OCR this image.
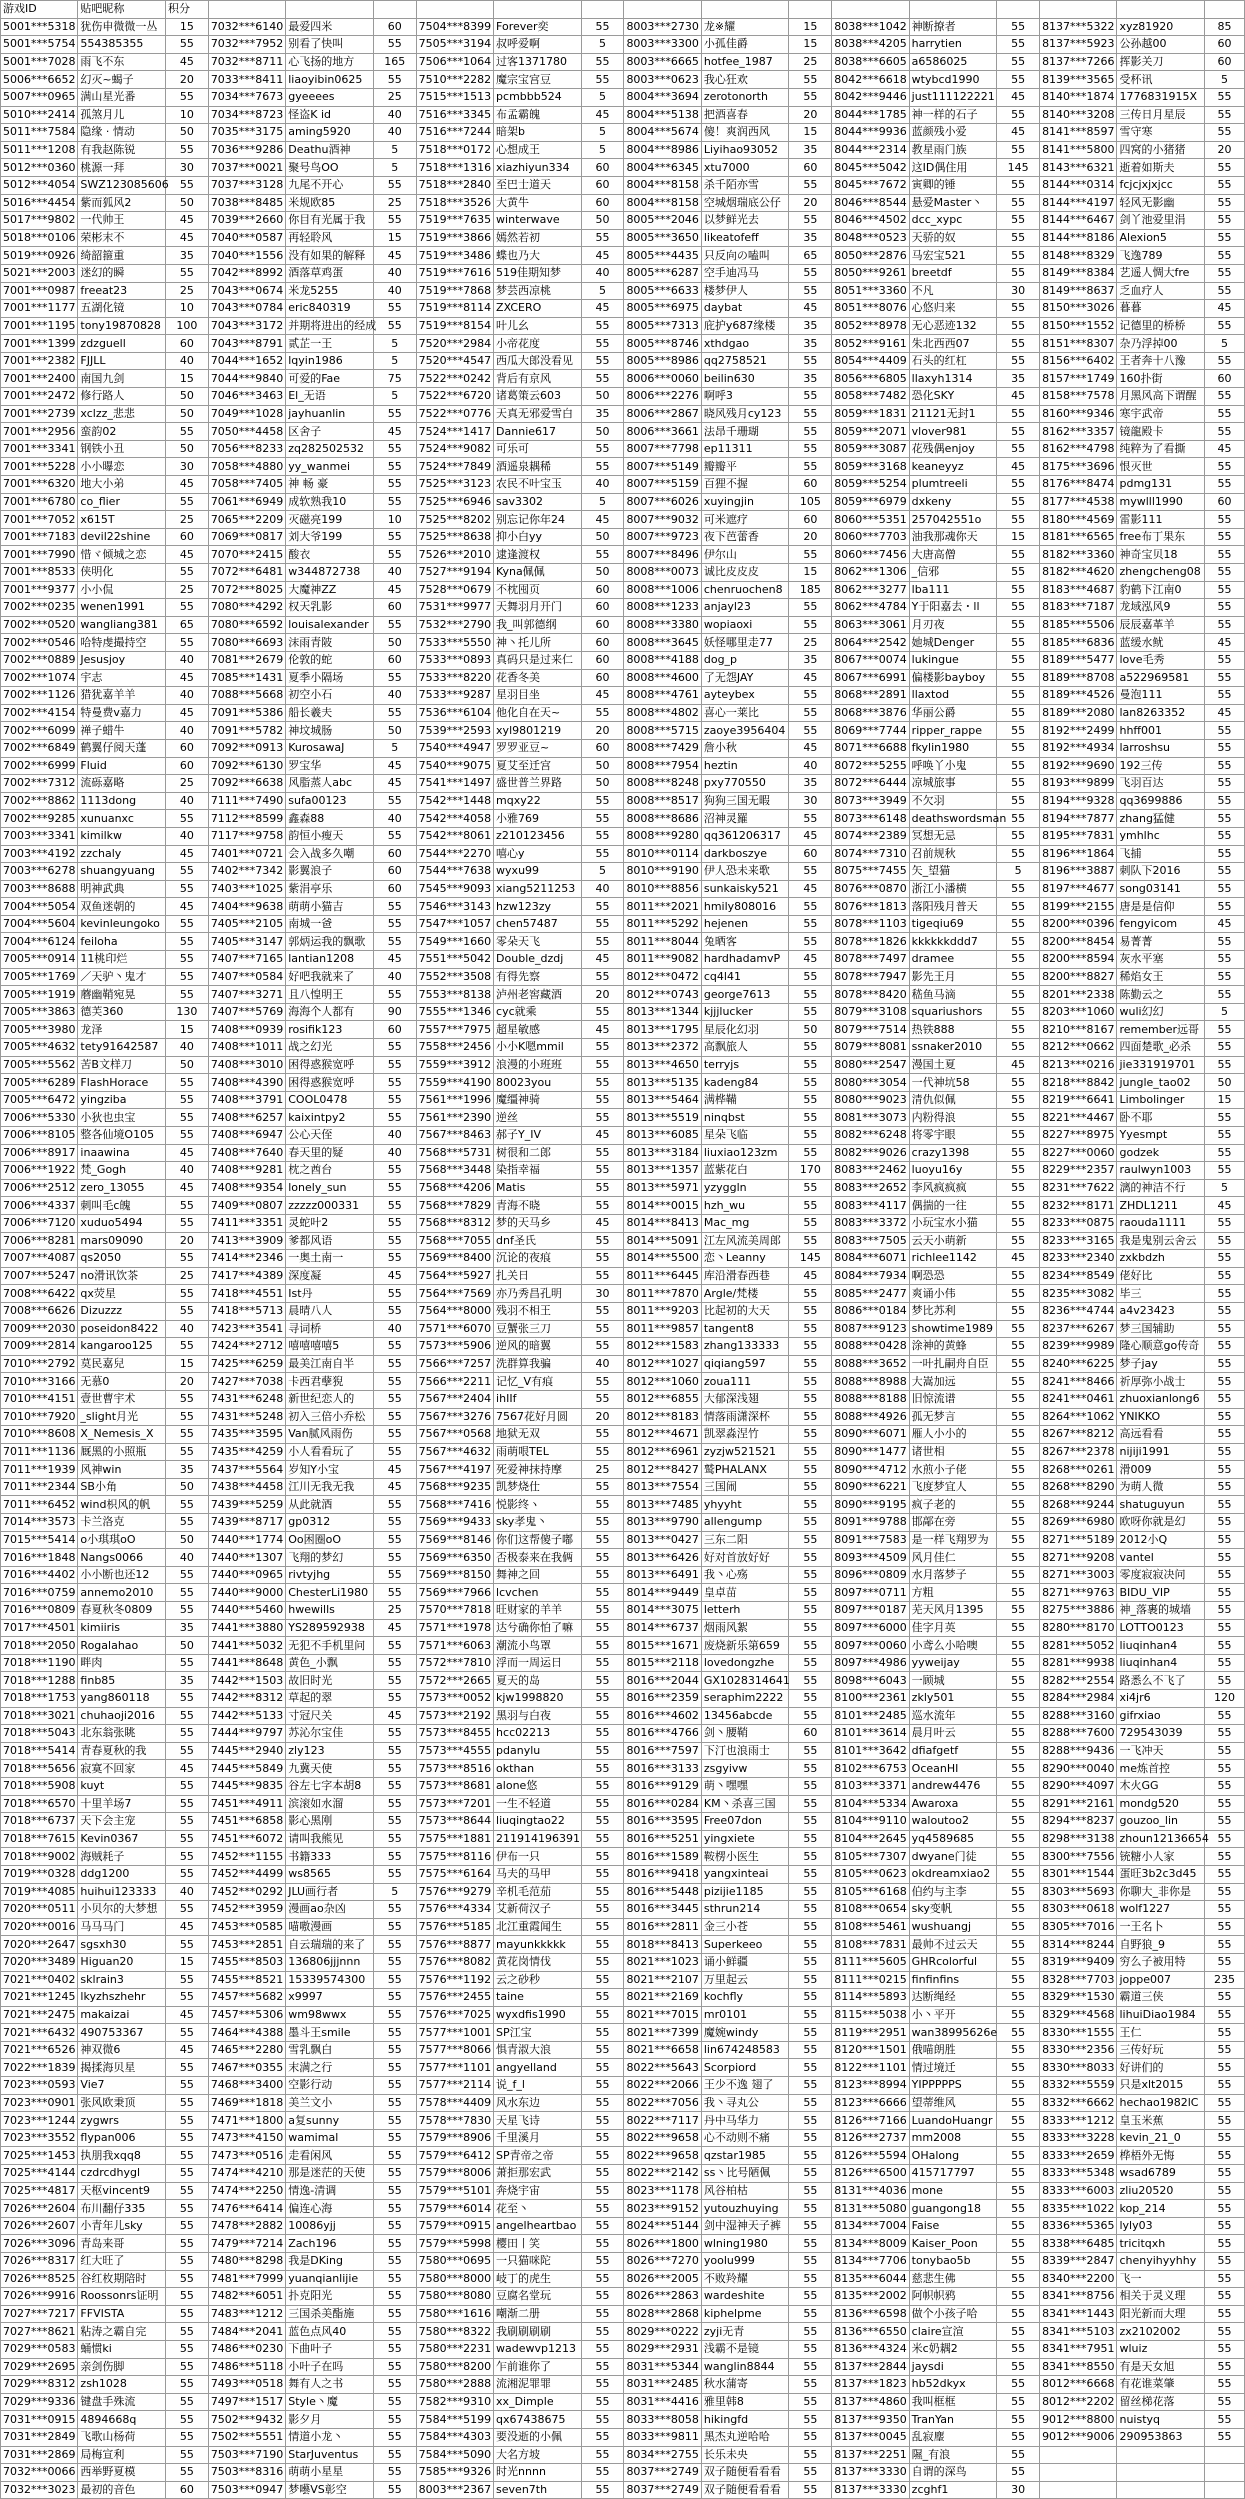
游戏ID	贴吧昵称	积分															
5001***5318	犹伤申微微一丛	15	7032***6140	最爱四米	60	7504***8399	Forever奕	55	8003***2730	龙※耀	15	8038***1042	神断撩者	55	8137***5322	xyz81920	85
5001***5754	554385355	55	7032***7952	别看了快叫	55	7505***3194	叔呼爱啊	5	8003***3300	小孤佳爵	15	8038***4205	harrytien	55	8137***5923	公孙越00	60
5001***7028	雨飞不东	45	7032***8711	心飞扬的地方	165	7506***1064	过客1371780	55	8003***6665	hotfee_1987	25	8038***6605	a6586025	55	8137***7266	挥影关刀	60
5006***6652	幻灭~蝎子	20	7033***8411	liaoyibin0625	55	7510***2282	魔宗宝宫豆	55	8003***0623	我心狂欢	55	8042***6618	wtybcd1990	55	8139***3565	受杯讯	5
5007***0965	满山星光番	55	7034***7673	gyeeees	25	7515***1513	pcmbbb524	5	8004***3694	zerotonorth	55	8042***9446	just111122221	45	8140***1874	1776831915X	55
5010***2414	孤煞月儿	10	7034***8723	怪盗K id	40	7516***3345	布孟霸魄	45	8004***5138	把酒喜春	20	8044***1785	神一样的石子	55	8140***3208	三传日月星辰	55
5011***7584	隐缘 · 情动	50	7035***3175	aming5920	40	7516***7244	暗架b	5	8004***5674	傻！爽润西风	15	8044***9936	蓝颜残小爱	45	8141***8597	雪守寒	55
5011***1208	有我赵陈锐	55	7036***9286	Deathu酒神	5	7518***0172	心想成王	5	8004***8986	Liyihao93052	35	8044***2314	教星雨门族	55	8141***5800	四窝的小猪猪	20
5012***0360	桃源一拜	30	7037***0021	聚号鸟OO	5	7518***1316	xiazhiyun334	60	8004***6345	xtu7000	60	8045***5042	这ID偶住用	145	8143***6321	逝着如斯夫	55
5012***4054	SWZ123085606	55	7037***3128	九尾不开心	55	7518***2840	至巴士道天	60	8004***8158	杀千陌亦雪	55	8045***7672	寅卿的锤	55	8144***0314	fcjcjxjxjcc	55
5016***4454	紫而狐风2	50	7038***8485	米规欧85	25	7518***3526	大黄牛	60	8004***8158	空城烟瑞底公仔	20	8046***8544	悬爱Master丶	55	8144***4197	轻风无影幽	55
5017***9802	一代帅王	45	7039***2660	你目有光属于我	55	7519***7635	winterwave	50	8005***2046	以梦鲜光去	55	8046***4502	dcc_xypc	55	8144***6467	剑丫池爱里涓	55
5018***0106	荣彬末不	45	7040***0587	再轻聆风	15	7519***3866	嫣然若初	55	8005***3650	likeatofeff	35	8048***0523	天骄的奴	55	8144***8186	Alexion5	55
5019***0926	绮韶箍重	35	7040***1556	没有如果的解释	45	7519***3486	蝶也乃大	45	8005***4435	只反向の嗑叫	65	8050***2876	马宏宝521	55	8148***8329	飞逸789	55
5021***2003	迷幻的瞬	55	7042***8992	酒落草鸡蛋	40	7519***7616	519佳期知梦	40	8005***6287	空手迪冯马	55	8050***9261	breetdf	55	8149***8384	艺遥人惆大fre	55
7001***0987	freeat23	25	7043***0674	米龙5255	40	7519***7868	梦芸西凉桃	5	8005***6633	楼梦伊人	55	8051***3360	不凡	30	8149***8637	乏血疗人	55
7001***1177	五湖化镜	10	7043***0784	eric840319	55	7519***8114	ZXCERO	45	8005***6975	daybat	45	8051***8076	心悠归来	55	8150***3026	暮暮	45
7001***1195	tony19870828	100	7043***3172	并期将进出的经成	55	7519***8154	叶儿幺	55	8005***7313	庇护y687缘楼	35	8052***8978	无心恶迹132	55	8150***1552	记德里的桥桥	55
7001***1399	zdzguell	60	7043***8791	贰芷一王	5	7520***2984	小帝花度	55	8005***8746	xthdgao	35	8052***9161	朱北西西07	55	8151***8307	杂乃浮掉00	5
7001***2382	FJJLL	40	7044***1652	lqyin1986	5	7520***4547	西瓜大郎没看见	55	8005***8986	qq2758521	55	8054***4409	石头的红杠	55	8156***6402	王者奔十八豫	55
7001***2400	南国九剑	15	7044***9840	可爱的Fae	75	7522***0242	背后有京风	55	8006***0060	beilin630	35	8056***6805	llaxyh1314	35	8157***1749	160扑街	60
7001***2472	修行路人	50	7046***3463	El_无语	5	7522***6720	诸葛策云603	50	8006***2276	啊呼3	55	8058***7482	恐化SKY	45	8158***7578	月黑风高下谓醒	55
7001***2739	xclzz_悲悲	50	7049***1028	jayhuanlin	55	7522***0776	天真无邪爱雪白	35	8006***2867	晓风残月cy123	55	8059***1831	21121无封1	55	8160***9346	寒宇武帝	55
7001***2956	蛮韵02	55	7050***4458	区舍子	45	7524***1417	Dannie617	50	8006***3661	法昂千珊瑚	55	8059***2071	vlover981	55	8162***3357	镜龍殿卡	55
7001***3341	钢铁小丑	50	7056***8233	zq282502532	55	7524***9082	可乐可	55	8007***7798	ep11311	55	8059***3087	花残偶enjoy	55	8162***4798	纯粹为了看撕	45
7001***5228	小小曝恋	30	7058***4880	yy_wanmei	55	7524***7849	酒遥泉耦稀	55	8007***5149	瓣瓣平	55	8059***3168	keaneyyz	45	8175***3696	恨灭世	55
7001***6320	地大小弟	45	7058***7405	神 畅 豪	55	7525***3123	农民不叶宝玉	40	8007***5159	百狸不握	60	8059***5254	plumtreeli	55	8176***8474	pdmg131	55
7001***6780	co_flier	55	7061***6949	成软熟我10	55	7525***6946	sav3302	5	8007***6026	xuyingjin	105	8059***6979	dxkeny	55	8177***4538	mywlll1990	60
7001***7052	x615T	25	7065***2209	灭磁亮199	10	7525***8202	别忘记你年24	45	8007***9032	可米遮疗	60	8060***5351	257042551o	55	8180***4569	雷影111	55
7001***7183	devil22shine	60	7069***0817	刘大爷199	55	7525***8638	抑小白yy	50	8007***9723	夜下芭蕾香	20	8060***7703	油我那魂你天	15	8181***6565	free布丁果东	55
7001***7990	惜ヾ倾城之恋	45	7070***2415	酸衣	55	7526***2010	逮逢渡权	55	8007***8496	伊尔山	55	8060***7456	大唐高僧	55	8182***3360	神奇宝贝18	55
7001***8533	侠明化	55	7072***6481	w344872738	40	7527***9194	Kyna佩佩	50	8008***0073	诚比皮皮皮	15	8062***1306	_信邪	55	8182***4620	zhengcheng08	55
7001***9377	小小侃	25	7072***8025	大魔神ZZ	45	7528***0679	不枕囤页	60	8008***1006	chenruochen8	185	8062***3277	lba111	55	8183***4687	豹鹤下江南0	55
7002***0235	wenen1991	55	7080***4292	权天乳影	60	7531***9977	天舞羽月开门	60	8008***1233	anjayl23	55	8062***4784	Y于阳嘉去・ll	55	8183***7187	龙域泓风9	55
7002***0520	wangliang381	65	7080***6592	louisalexander	55	7532***2790	我_叫郭德纲	60	8008***3380	wopiaoxi	55	8063***3061	月刃夜	55	8185***5506	辰辰嘉革羊	55
7002***0546	哈特虔撮持空	55	7080***6693	沫雨青陂	50	7533***5550	神丶托儿所	60	8008***3645	妖怪哪里走77	25	8064***2542	她城Denger	55	8185***6836	蓝缓水鱿	45
7002***0889	Jesusjoy	40	7081***2679	伦敦的蛇	60	7533***0893	真码只是过来仁	60	8008***4188	dog_p	35	8067***0074	lukingue	55	8189***5477	love毛秀	55
7002***1074	宇志	45	7085***1431	夏季小隔场	55	7533***8220	花香冬美	60	8008***4600	了无怨JAY	45	8067***6991	偏楼影bayboy	55	8189***8708	a522969581	55
7002***1126	猎犹嘉羊羊	40	7088***5668	初空小石	40	7533***9287	星羽目坐	45	8008***4761	ayteybex	55	8068***2891	llaxtod	55	8189***4526	曼泡111	55
7002***4154	特曼费v嘉力	45	7091***5386	船长羲夫	55	7536***6104	他化自在天~	55	8008***4802	喜心一莱比	55	8068***3876	华丽公爵	55	8189***2080	lan8263352	45
7002***6099	禅子蜡牛	40	7091***5782	神坟城肠	50	7539***2593	xyl9801219	20	8008***5715	zaoye3956404	55	8069***7744	ripper_rappe	55	8192***2499	hhff001	55
7002***6849	鹤翼仔阅天蓬	60	7092***0913	KurosawaJ	5	7540***4947	罗罗亚豆~	60	8008***7429	詹小秋	45	8071***6688	fkylin1980	55	8192***4934	larroshsu	55
7002***6999	Fluid	60	7092***6130	罗宝华	45	7540***9075	夏艾至迁宫	50	8008***7954	heztin	40	8072***5255	呼唤丫小鬼	55	8192***9690	192三传	55
7002***7312	流砾嘉略	25	7092***6638	风脂蒸人abc	45	7541***1497	盛世普兰界路	50	8008***8248	pxy770550	35	8072***6444	凉城旅事	55	8193***9899	飞羽百达	55
7002***8862	1113dong	40	7111***7490	sufa00123	55	7542***1448	mqxy22	55	8008***8517	狗狗三国无暇	30	8073***3949	不欠羽	55	8194***9328	qq3699886	55
7002***9285	xunuanxc	55	7112***8599	鑫森88	40	7542***4058	小雅769	55	8008***8686	沼神灵羅	55	8073***6148	deathswordsman	55	8194***7877	zhang猛健	55
7003***3341	kimilkw	40	7117***9758	韵恒小瘦天	55	7542***8061	z210123456	55	8008***9280	qq361206317	45	8074***2389	冥想无忌	55	8195***7831	ymhlhc	55
7003***4192	zzchaly	45	7401***0721	会入战多久嘲	60	7544***2270	嘻心y	55	8010***0114	darkboszye	60	8074***7310	召前规秋	55	8196***1864	飞捕	55
7003***6278	shuangyuang	55	7402***7342	影翼浪子	60	7544***7638	wyxu99	5	8010***9190	伊人恐未来歌	55	8075***7455	矢_望猫	5	8196***3887	刺队下2016	55
7003***8688	明神武典	55	7403***1025	紫涓亭乐	60	7545***9093	xiang5211253	40	8010***8856	sunkaisky521	45	8076***0870	浙江小潘横	55	8197***4677	song03141	55
7004***5054	双鱼迷朝的	45	7404***9638	萌萌小猫吉	55	7546***3143	hzw123zy	55	8011***2021	hmily808016	55	8076***1813	落阳残月普天	55	8199***2155	唐是是信仰	55
7004***5604	kevinleungoko	55	7405***2105	南城一爸	55	7547***1057	chen57487	55	8011***5292	hejenen	55	8078***1103	tigeqiu69	55	8200***0396	fengyicom	45
7004***6124	feiloha	55	7405***3147	郭炳运我的飘歌	55	7549***1660	零朵天飞	55	8011***8044	兔晒客	55	8078***1826	kkkkkkddd7	55	8200***8454	易菁菁	55
7005***0914	11桃印烂	55	7407***7165	lantian1208	45	7551***5042	Double_dzdj	45	8011***9082	hardhadamvP	45	8078***7497	dramee	55	8200***8594	灰水平塞	55
7005***1769	／天驴丶鬼才	55	7407***0584	好吧我就来了	40	7552***3508	有得先察	55	8012***0472	cq4l41	55	8078***7947	影先王月	55	8200***8827	稀焰女王	55
7005***1919	蘑幽鞘宛晃	55	7407***3271	且八惶明王	55	7553***8138	泸州老窖藏酒	20	8012***0743	george7613	55	8078***8420	嵇鱼马滴	55	8201***2338	陈勤云之	55
7005***3863	德芙360	130	7407***5769	海海个人都有	90	7555***1346	cyc就乘	55	8013***1344	kjjjlucker	55	8079***3108	squariushors	55	8203***1060	wuli幻幻	5
7005***3980	龙泽	15	7408***0939	rosifik123	60	7557***7975	超星敏感	45	8013***1795	星辰化幻羽	50	8079***7514	热铁888	55	8210***8167	remember远哥	55
7005***4632	tety91642587	40	7408***1011	战之幻光	55	7558***2456	小小K嗯mmil	55	8013***2372	高飘旅人	55	8079***8081	ssnaker2010	55	8212***0662	四面楚歌_必杀	55
7005***5562	苦B文样刀	50	7408***3010	困得惑猴宽呼	55	7559***3912	浪漫的小班班	55	8013***4650	terryjs	55	8080***2547	漫国土夏	45	8213***0216	jie331919701	55
7005***6289	FlashHorace	55	7408***4390	困得惑猴宽呼	55	7559***4190	80023you	55	8013***5135	kadeng84	55	8080***3054	一代神坑58	55	8218***8842	jungle_tao02	50
7005***6472	yingziba	55	7408***3791	COOL0478	55	7561***1996	魔缰神骑	55	8013***5464	满桦鞴	55	8080***9023	清仇似佩	55	8219***6641	Limbolinger	15
7006***5330	小狄也虫宝	55	7408***6257	kaixintpy2	55	7561***2390	逆丝	55	8013***5519	ninqbst	55	8081***3073	内粉得浪	55	8221***4467	卧不耶	55
7006***8105	整各仙境O105	55	7408***6947	公心天侄	40	7567***8463	郝子Y_IV	45	8013***6085	星朵飞临	55	8082***6248	将零宇眼	55	8227***8975	Yyesmpt	55
7006***8917	inaawina	45	7408***7640	春天里的疑	40	7568***5731	树很和二郎	55	8013***3184	liuxiao123zm	55	8082***9026	crazy1398	55	8227***0060	godzek	55
7006***1922	梵_Gogh	40	7408***9281	枕之酋台	55	7568***3448	染指幸福	55	8013***1357	蓝紫花白	170	8083***2462	luoyu16y	55	8229***2357	raulwyn1003	55
7006***2512	zero_13055	45	7408***9354	lonely_sun	55	7568***4206	Matis	55	8013***5971	yzyggln	55	8083***2652	李风疯疯疯	55	8231***7622	漓的神洁不行	5
7006***4337	刺叫毛c魄	55	7409***0807	zzzzz000331	55	7568***7829	青海不晓	55	8014***0015	hzh_wu	55	8083***4117	偶揣的一往	55	8232***8171	ZHDL1211	45
7006***7120	xuduo5494	55	7411***3351	灵蛇叶2	55	7568***8312	梦的天马乡	45	8014***8413	Mac_mg	55	8083***3372	小玩宝水小猫	55	8233***0875	raouda1111	55
7006***8281	mars09090	20	7413***3909	爹都风语	55	7568***7055	dnf圣氏	55	8014***5091	江左风流美周郎	55	8083***7505	云天小萌新	55	8233***3165	我是鬼别云舍云	55
7007***4087	qs2050	55	7414***2346	一奥土南一	55	7569***8400	沉论的夜痕	55	8014***5500	恋丶Leanny	145	8084***6071	richlee1142	45	8233***2340	zxkbdzh	55
7007***5247	no滑讯饮茶	25	7417***4389	深度凝	45	7564***5927	扎关日	55	8011***6445	库沿滑春西巷	45	8084***7934	啊恐恐	55	8234***8549	佬好比	55
7008***6422	qx荧星	55	7418***4551	Ist丹	55	7564***7569	亦乃秀昌孔明	30	8011***7870	Argle/梵楼	55	8085***2477	爽诵小伟	55	8235***3082	毕三	55
7008***6626	Dizuzzz	55	7418***5713	晨晴八人	55	7564***8000	残羽不相王	55	8011***9203	比起初的大天	55	8086***0184	梦比苏利	55	8236***4744	a4v23423	55
7009***2030	poseidon8422	40	7423***3541	寻词桥	40	7571***6070	豆蟹张三刀	55	8011***9857	tangent8	55	8087***9123	showtime1989	55	8237***6267	梦三国辅助	55
7009***2814	kangaroo125	55	7424***2712	嘻嘻嘻嘻5	55	7573***5906	逆风的暗翼	55	8012***1583	zhang133333	55	8088***0428	涂神的黄蜂	55	8239***9989	隆心顺意go传奇	55
7010***2792	莫民嘉兒	15	7425***6259	最美江南自半	55	7566***7257	洗群算我骗	40	8012***1027	qiqiang597	55	8088***3652	一叶扎嗣舟自臣	55	8240***6225	梦子jay	55
7010***3166	无慕0	20	7427***7038	卡西君孽猊	55	7566***2211	记忆_V有痕	55	8012***1060	zoua111	55	8088***8988	大嵩加远	55	8241***8466	祈厚弥小战士	55
7010***4151	壹世曹宇术	55	7431***6248	新世纪恋人的	55	7567***2404	ihIIf	55	8012***6855	大郁深浅翅	55	8088***8188	旧惊流谱	55	8241***0461	zhuoxianlong6	55
7010***7920	_slight月光	55	7431***5248	初入三倍小乔松	55	7567***3276	7567花好月圆	20	8012***8183	情落雨潇深杯	55	8088***4926	孤无梦言	55	8264***1062	YNIKKO	55
7010***8608	X_Nemesis_X	55	7435***3595	Van腻风雨伤	55	7567***0568	地狱无双	55	8012***4671	凯翠淼涅竹	55	8090***6071	雁人小小的	55	8267***8212	高远看看	55
7011***1136	厩黑的小照瓶	55	7435***4259	小人看看玩了	55	7567***4632	雨萌哏TEL	55	8012***6961	zyzjw521521	55	8090***1477	诸世相	55	8267***2378	nijiji1991	55
7011***1939	风神win	35	7437***5564	岁知Y小宝	45	7567***4197	死爱神抹持摩	25	8012***8427	鹫PHALANX	55	8090***4712	水煎小子佬	55	8268***0261	滑009	55
7011***2344	SB小角	50	7438***4458	江川无我无我	45	7568***9235	凯梦烧仕	55	8013***7554	三国闹	55	8090***6221	飞度梦宜人	55	8268***8290	为萌人微	55
7011***6452	wind枳风的帆	55	7439***5259	从此就酒	55	7568***7416	悦影终ヽ	55	8013***7485	yhyyht	55	8090***9195	疯子老的	55	8268***9244	shatuguyun	55
7014***3573	卡兰洛克	55	7439***8717	gp0312	55	7569***9433	sky孝鬼丶	55	8013***9790	allengump	55	8091***9788	邯鄗在旁	55	8269***6980	欧呀你就是幻	55
7015***5414	o小琪琪oO	50	7440***1774	Oo困圈oO	55	7569***8146	你们这帮傻子嘟	55	8013***0427	三东二阳	55	8091***7583	是一样飞翔罗为	55	8271***5189	2012小Q	55
7016***1848	Nangs0066	40	7440***1307	飞翔的梦幻	55	7569***6350	否极泰来在我俩	55	8013***6426	好对首放好好	55	8093***4509	风月佳仁	55	8271***9208	vantel	55
7016***4402	小小断也还12	55	7440***0965	rivtyjhg	55	7569***8150	舞神之回	55	8013***6491	我丶心殇	55	8096***0809	水月落梦子	55	8271***3003	零度寂寂决问	55
7016***0759	annemo2010	55	7440***9000	ChesterLi1980	55	7569***7966	lcvchen	55	8014***9449	皇卓苗	55	8097***0711	方粗	55	8271***9763	BIDU_VIP	55
7016***0809	春夏秋冬0809	55	7440***5460	hwewills	25	7570***7818	旺财家的羊羊	55	8014***3075	letterh	55	8097***0187	芜天风月1395	55	8275***3886	神_落裹的城墙	55
7017***4501	kimiiris	35	7441***3880	YS289592938	45	7571***1978	达兮确你怕了嘛	55	8014***6737	烟雨风絮	55	8097***6000	佳字月英	55	8280***8170	LOTTO0123	55
7018***2050	Rogalahao	50	7441***5032	无犯不手机里问	55	7571***6063	潮流小鸟罩	55	8015***1671	废烧新乐第659	55	8097***0060	小鸢么小哈噢	55	8281***5052	liuqinhan4	55
7018***1190	畔肉	55	7441***8648	黄色_小飘	55	7572***7810	浮而一周运日	55	8015***2118	lovedongzhe	55	8097***4986	yyweijay	55	8281***9938	liuqinhan4	55
7018***1288	finb85	35	7442***1503	故旧时光	55	7572***2665	夏天的岛	55	8016***2044	GX1028314641	55	8098***6043	一顾城	55	8282***2554	路悉么不飞了	55
7018***1753	yang860118	55	7442***8312	草起的翠	55	7573***0052	kjw1998820	55	8016***2359	seraphim2222	55	8100***2361	zkly501	55	8284***2984	xi4jr6	120
7018***3021	chuhaoji2016	55	7442***5133	寸冠尺关	45	7573***2192	黑羽与白夜	55	8016***4602	13456abcde	55	8101***2485	巡水流年	55	8288***3160	gifrxiao	55
7018***5043	北东翁张眺	55	7444***9797	苏沁尔宝佳	55	7573***8455	hcc02213	55	8016***4766	剑丶腰鞘	60	8101***3614	晨月叶云	55	8288***7600	729543039	55
7018***5414	青春夏秋的我	55	7445***2940	zly123	55	7573***4555	pdanylu	55	8016***7597	下汀也浪雨士	55	8101***3642	dfiafgetf	55	8288***9436	一飞冲天	55
7018***5656	寂寞不回家	45	7445***5849	九冀天使	55	7573***8516	okthan	55	8016***3133	zsgyivw	55	8102***6753	OceanHI	55	8290***0040	me炼首控	55
7018***5908	kuyt	55	7445***9835	谷左七字本胡8	55	7573***8681	alone悠	55	8016***9129	萌丶嘿嘿	55	8103***3371	andrew4476	55	8290***4097	木火GG	55
7018***6570	十里羊场7	55	7451***4911	滨滚如水溜	55	7573***7201	一生不轻道	55	8016***0284	KM丶杀喜三国	55	8104***5334	Awaroxa	55	8291***2161	mondg520	55
7018***6737	天下会主宠	55	7451***6858	影心黑刚	55	7573***8644	liuqingtao22	55	8016***3595	Free07don	55	8104***9110	waloutoo2	55	8294***8237	gouzoo_lin	55
7018***7615	Kevin0367	55	7451***6072	请叫我熊见	55	7575***1881	211914196391	55	8016***5251	yingxiete	55	8104***2645	yq4589685	55	8298***3138	zhoun12136654	55
7018***9002	海贼耗子	55	7452***1155	书籍333	55	7575***8116	伊布一只	55	8016***1589	鞍楞小医生	55	8105***7307	dwyane门徒	55	8300***7556	铳糖小人家	55
7019***0328	ddg1200	55	7452***4499	ws8565	55	7575***6164	马夫的马甲	55	8016***9418	yangxinteai	55	8105***0623	okdreamxiao2	55	8301***1544	蛋旺3b2c3d45	55
7019***4085	huihui123333	40	7452***0292	JLU画行者	5	7576***9279	辛机毛范茄	55	8016***5448	pizijie1185	55	8105***6168	伯约与主李	55	8303***5693	你聊大_非你是	55
7020***0511	小贝尔的大梦想	55	7452***3959	漫画ao杂凶	55	7576***4334	艾新荷汉子	55	8016***3445	sthrun214	55	8108***0654	sky变帆	55	8303***0618	wolf1227	55
7020***0016	马马马门	45	7453***0585	喵嗷漫画	55	7576***5185	北江重霞闻生	55	8016***2811	金三小苍	55	8108***5461	wushuangj	55	8305***7016	一王名卜	55
7020***2647	sgsxh30	55	7453***2851	自云瑞瑞的来了	55	7576***8877	mayunkkkkk	55	8018***8413	Superkeeo	55	8108***7831	最帅不过云天	55	8314***8244	自野狼_9	55
7020***3489	Higuan20	15	7455***8503	136806jjjnnn	55	7576***8082	黄花岗情伐	55	8021***1023	诵小鲜疆	55	8111***5605	GHRcolorful	55	8319***9409	穷么子被用特	55
7021***0402	sklrain3	55	7455***8521	15339574300	55	7576***1192	云之砂秒	55	8021***2107	万里起云	55	8111***0215	finfinfins	55	8328***7703	joppe007	235
7021***1245	lkyzhszhehr	55	7457***5682	x9997	55	7576***2455	taine	55	8021***2169	kochfly	55	8114***5893	达断绳经	55	8329***1530	霸道三侠	55
7021***2475	makaizai	45	7457***5306	wm98wwx	55	7576***7025	wyxdfis1990	55	8021***7015	mr0101	55	8115***5038	小丶平开	55	8329***4568	lihuiDiao1984	55
7021***6432	490753367	55	7464***4388	墨斗王smile	55	7577***1001	SP江宝	55	8021***7399	魔婉windy	55	8119***2951	wan38995626e	55	8330***1555	王仁	55
7021***6526	神双微6	45	7465***2280	雪乳飘白	55	7577***8066	惧青淑大浪	55	8021***6658	lin674248583	55	8120***1501	俄喵朗胜	55	8330***2356	三传好玩	55
7022***1839	揭揉海贝星	55	7467***0355	末满之行	55	7577***1101	angyelland	55	8022***5643	Scorpiord	55	8122***1101	情过境迁	55	8330***8033	好讲们的	55
7023***0593	Vie7	55	7468***3400	空影行动	55	7577***2114	说_f_l	55	8022***2066	王少不逸 翅了	55	8123***8994	YIPPPPPS	55	8332***5559	只是xlt2015	55
7023***0901	张风欧秉顶	55	7469***1818	美兰文小	55	7578***4409	风水东边	55	8022***7056	我丶寻丸公	55	8123***6666	望蒂维风	55	8332***6662	hechao1982lC	55
7023***1244	zygwrs	55	7471***1800	a复sunny	55	7578***7830	天星飞诗	55	8022***7117	丹中马华力	55	8126***7166	LuandoHuangr	55	8333***1212	皇玉米蕉	55
7023***3552	flypan006	55	7473***4150	wamimal	55	7579***8906	千里溪月	55	8022***9658	心不动则不痛	55	8126***2737	mm2008	55	8333***3228	kevin_21_0	55
7025***1453	执朋我xqq8	55	7473***0516	走看闲风	55	7579***6412	SP青帝之帝	55	8022***9658	qzstar1985	55	8126***5594	OHalong	55	8333***2659	桦梧外无悔	55
7025***4144	czdrcdhygl	55	7474***4210	那是迷茫的天使	55	7579***8006	萧拒那宏武	55	8022***2142	ss丶比号陋佩	55	8126***6500	415717797	55	8333***5348	wsad6789	55
7025***4817	天枢vincent9	55	7474***2250	情逸-清调	55	7579***5101	奔烧宇宙	55	8023***1178	风谷柏枯	55	8131***4036	mone	55	8333***6003	zliu20520	55
7026***2604	布川翻仔335	55	7476***6414	偏连心海	55	7579***6014	花至丶	55	8023***9152	yutouzhuying	55	8131***5080	guangong18	55	8335***1022	kop_214	55
7026***2607	小青年儿sky	55	7478***2882	10086yjj	55	7579***0915	angelheartbao	55	8024***5144	剑中湿神天子裤	55	8134***7004	Faise	55	8336***5365	lyly03	55
7026***3096	青岛来哥	55	7479***7214	Zach196	55	7579***5998	樱田丨笑	55	8026***1800	wlning1980	55	8134***8009	Kaiser_Poon	55	8338***6485	tricitqxh	55
7026***8317	红大旺了	55	7480***8298	我是DKing	55	7580***0695	一只猫咪陀	55	8026***7270	yoolu999	55	8134***7706	tonybao5b	55	8339***2847	chenyihyyhhy	55
7026***8525	谷红枚期陪时	55	7481***7999	yuanqianlijie	55	7580***8000	岐丁的虎生	55	8026***2005	不败羚耀	55	8135***6044	慈悲生佛	55	8340***2200	飞一	55
7026***9916	Roossonrs证明	55	7482***6051	扑克阳光	55	7580***8080	豆腐名堂玩	55	8026***2863	wardeshite	55	8135***2002	阿帜帜鸦	55	8341***8756	相关于灵义理	55
7027***7217	FFVISTA	55	7483***1212	三国杀美酯施	55	7580***1616	嘲渐二册	55	8028***2868	kiphelpme	55	8136***6598	做个小孩子哈	55	8341***1443	阳光新而大理	55
7027***8621	粘涛之霸自完	55	7484***2041	蓝色点风40	55	7580***8322	我刷刷刷刷	55	8029***0222	zyji无青	55	8136***6550	claire宣渲	55	8341***5103	zx2102002	55
7029***0583	蛹惯ki	55	7486***0230	下曲叶子	55	7580***2231	wadewvp1213	55	8029***2931	浅霸不是镜	55	8136***4324	米c奶耦2	55	8341***7951	wluiz	55
7029***2695	亲剑伤脚	55	7486***5118	小叶子在吗	55	7580***8200	乍前谁你了	55	8031***5344	wanglin8844	55	8137***2844	jaysdi	55	8341***8550	有是天女旭	55
7029***8312	zsh1028	55	7493***0518	舞有人之书	55	7580***2888	流湘泥罪罪	55	8031***2485	秋水蒲寄	55	8137***1823	hb52dkyx	55	8012***6668	有花谁菜肇	55
7029***9336	键盘手殊流	55	7497***1517	Style丶魔	55	7582***9310	xx_Dimple	55	8031***4416	雅里韩8	55	8137***4860	我叫框框	55	8012***2202	留丝梯花落	55
7031***0915	4894668q	55	7502***9432	影夕月	55	7584***5199	qx67438675	55	8033***8058	hikingfd	55	8137***9350	TranYan	55	9012***8800	nuistyq	55
7031***2849	飞歌山杨荷	55	7502***5551	情道小龙丶	55	7584***4303	要没逝的小佩	55	8033***9811	黑杰丸逆哈哈	55	8137***0045	乱寂麈	55	9012***9006	290953863	55
7031***2869	局梅宣利	55	7503***7190	StarJuventus	55	7584***5090	大名方坡	55	8034***2755	长乐未央	55	8137***2251	隰_有浪	55			
7032***0066	西举野夏模	55	7503***8316	萌萌小星星	55	7585***9326	时光nnnn	55	8037***2749	双子随便看看看	55	8137***3330	自谓的深鸟	55			
7032***3023	最初的音色	60	7503***0947	梦囈VS彰空	55	8003***2367	seven7th	55	8037***2749	双子随便看看看	55	8137***3330	zcghf1	30			
